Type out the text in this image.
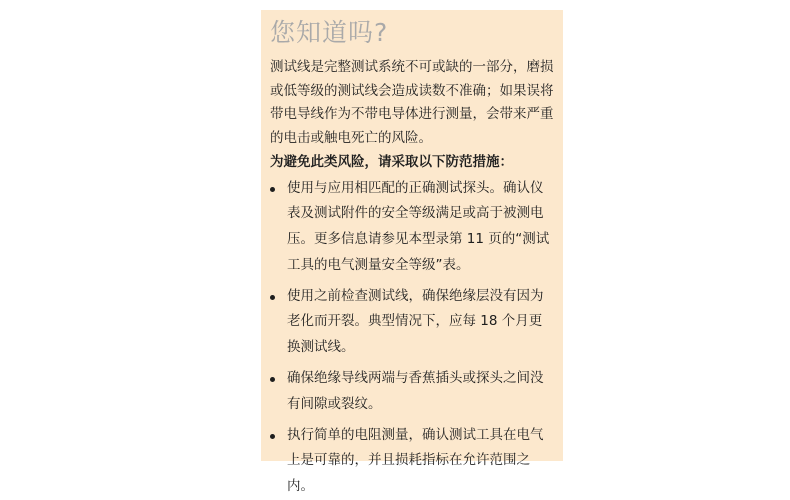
您知道吗?

测试线是完整测试系统不可或缺的一部分，磨损或低等级的测试线会造成读数不准确；如果误将带电导线作为不带电导体进行测量，会带来严重的电击或触电死亡的风险。

为避免此类风险，请采取以下防范措施：

使用与应用相匹配的正确测试探头。确认仪表及测试附件的安全等级满足或高于被测电压。更多信息请参见本型录第 11 页的“测试工具的电气测量安全等级”表。
使用之前检查测试线，确保绝缘层没有因为老化而开裂。典型情况下，应每 18 个月更换测试线。
确保绝缘导线两端与香蕉插头或探头之间没有间隙或裂纹。
执行简单的电阻测量，确认测试工具在电气上是可靠的，并且损耗指标在允许范围之内。
